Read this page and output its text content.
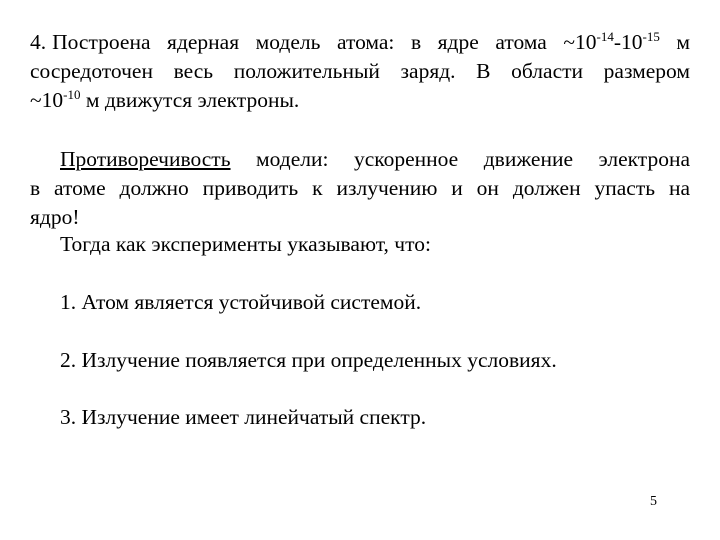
4. Построена ядерная модель атома: в ядре атома $\sim 10^{-14}-10^{-15}$ м
сосредоточен весь положительный заряд. В области размером
$\sim 10^{-10}$ м движутся электроны.

Противоречивость модели: ускоренное движение электрона
в атоме должно приводить к излучению и он должен упасть на
ядро!

Тогда как эксперименты указывают, что:

1. Атом является устойчивой системой.
2. Излучение появляется при определенных условиях.
3. Излучение имеет линейчатый спектр.
5
